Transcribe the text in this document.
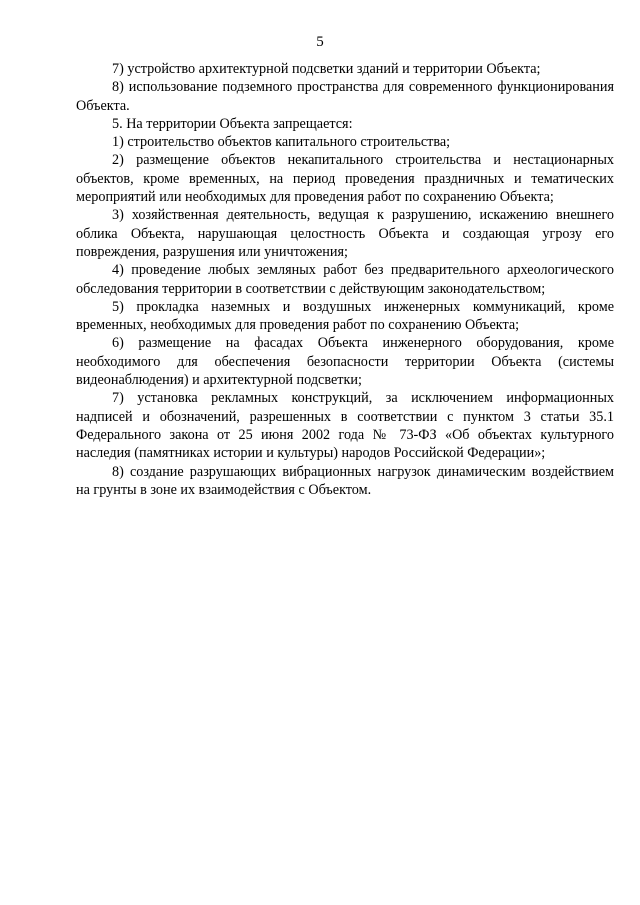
5

7) устройство архитектурной подсветки зданий и территории Объекта;

8) использование подземного пространства для современного функционирования Объекта.

5. На территории Объекта запрещается:

1) строительство объектов капитального строительства;

2) размещение объектов некапитального строительства и нестационарных объектов, кроме временных, на период проведения праздничных и тематических мероприятий или необходимых для проведения работ по сохранению Объекта;

3) хозяйственная деятельность, ведущая к разрушению, искажению внешнего облика Объекта, нарушающая целостность Объекта и создающая угрозу его повреждения, разрушения или уничтожения;

4) проведение любых земляных работ без предварительного археологического обследования территории в соответствии с действующим законодательством;

5) прокладка наземных и воздушных инженерных коммуникаций, кроме временных, необходимых для проведения работ по сохранению Объекта;

6) размещение на фасадах Объекта инженерного оборудования, кроме необходимого для обеспечения безопасности территории Объекта (системы видеонаблюдения) и архитектурной подсветки;

7) установка рекламных конструкций, за исключением информационных надписей и обозначений, разрешенных в соответствии с пунктом 3 статьи 35.1 Федерального закона от 25 июня 2002 года № 73-ФЗ «Об объектах культурного наследия (памятниках истории и культуры) народов Российской Федерации»;

8) создание разрушающих вибрационных нагрузок динамическим воздействием на грунты в зоне их взаимодействия с Объектом.
